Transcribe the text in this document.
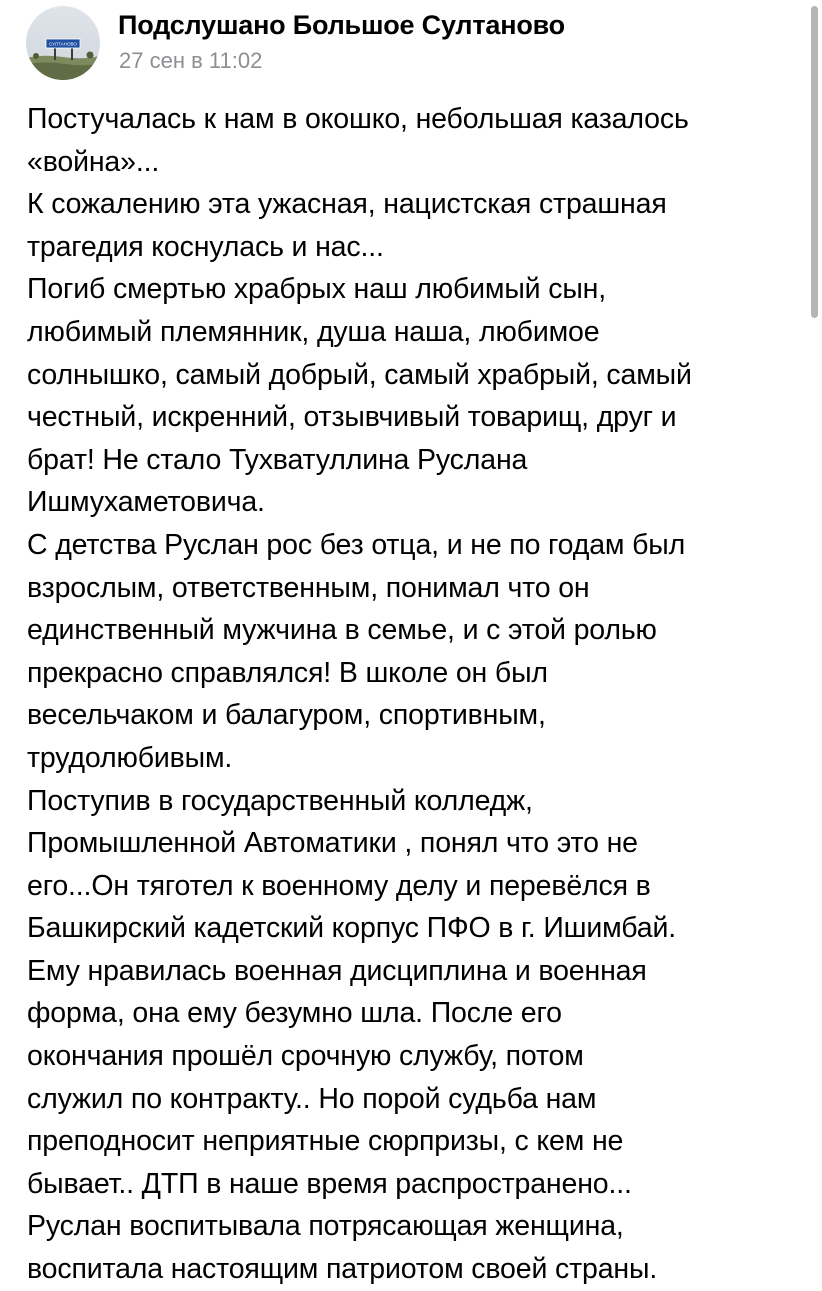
СУЛТАНОВО
Подслушано Большое Султаново
27 сен в 11:02
Постучалась к нам в окошко, небольшая казалось
«война»...
К сожалению эта ужасная, нацистская страшная
трагедия коснулась и нас...
Погиб смертью храбрых наш любимый сын,
любимый племянник, душа наша, любимое
солнышко, самый добрый, самый храбрый, самый
честный, искренний, отзывчивый товарищ, друг и
брат! Не стало Тухватуллина Руслана
Ишмухаметовича.
С детства Руслан рос без отца, и не по годам был
взрослым, ответственным, понимал что он
единственный мужчина в семье, и с этой ролью
прекрасно справлялся! В школе он был
весельчаком и балагуром, спортивным,
трудолюбивым.
Поступив в государственный колледж,
Промышленной Автоматики , понял что это не
его...Он тяготел к военному делу и перевёлся в
Башкирский кадетский корпус ПФО в г. Ишимбай.
Ему нравилась военная дисциплина и военная
форма, она ему безумно шла. После его
окончания прошёл срочную службу, потом
служил по контракту.. Но порой судьба нам
преподносит неприятные сюрпризы, с кем не
бывает.. ДТП в наше время распространено...
Руслан воспитывала потрясающая женщина,
воспитала настоящим патриотом своей страны.
